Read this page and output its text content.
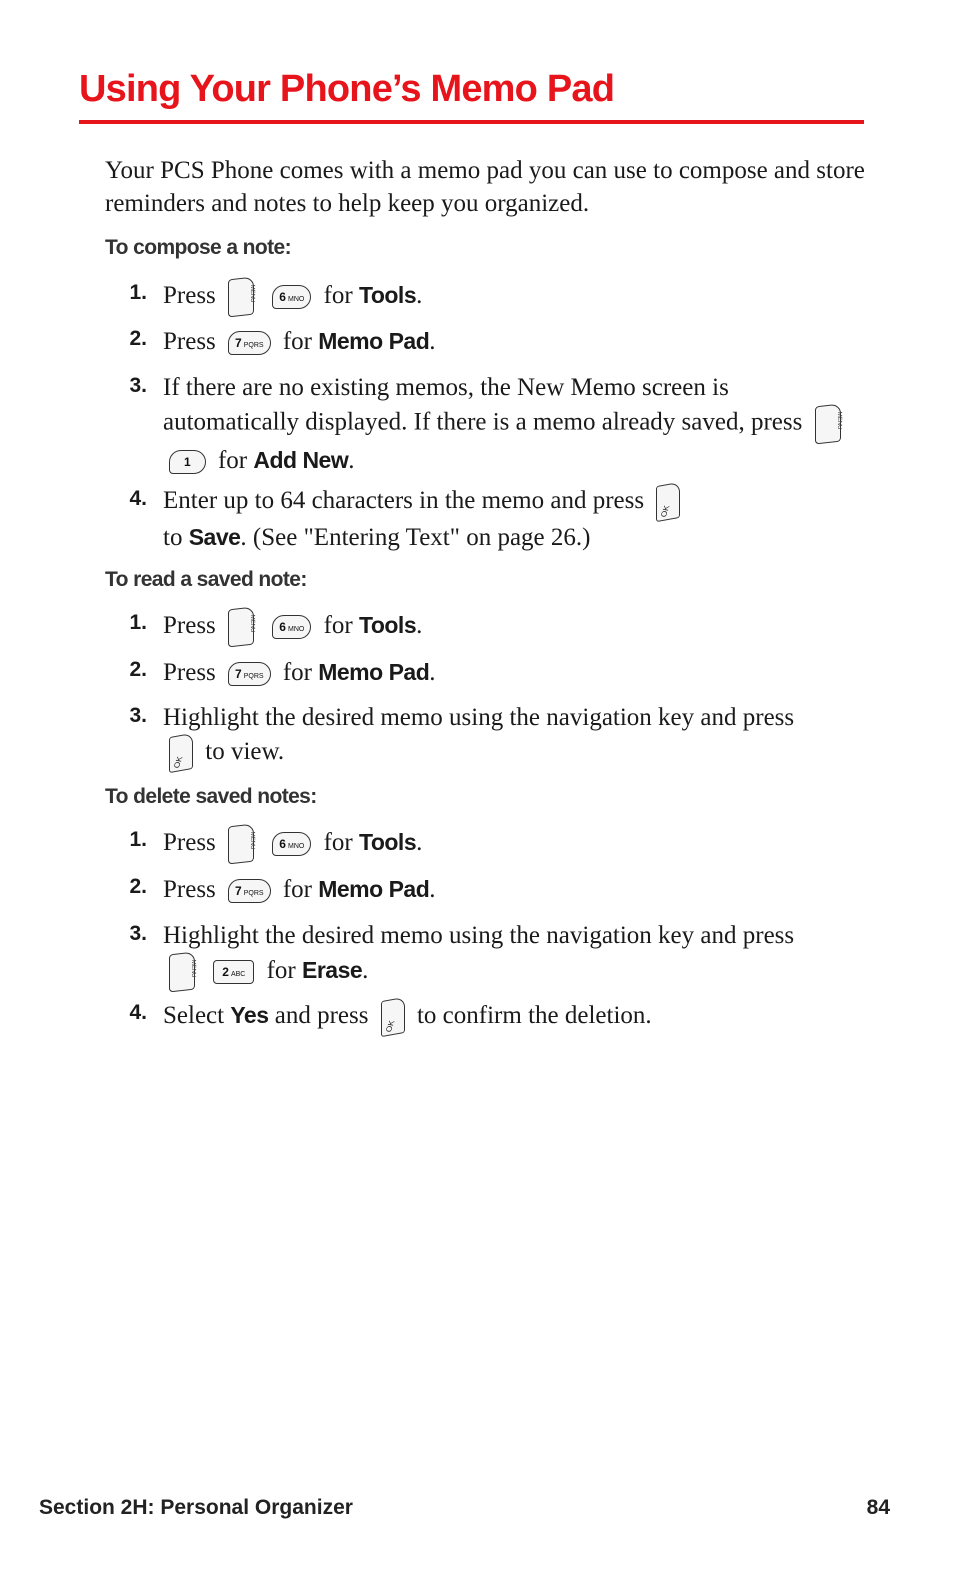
Using Your Phone’s Memo Pad
Your PCS Phone comes with a memo pad you can use to compose and store reminders and notes to help keep you organized.
To compose a note:
1. Press MENU	6 MNO for Tools.
2. Press 7 PQRS for Memo Pad.
3. If there are no existing memos, the New Memo screen is automatically displayed. If there is a memo already saved, press MENU 1 for Add New.
4. Enter up to 64 characters in the memo and press OK
to Save. (See "Entering Text" on page 26.)
To read a saved note:
1. Press MENU	6 MNO for Tools.
2. Press 7 PQRS for Memo Pad.
3. Highlight the desired memo using the navigation key and press
OK to view.
To delete saved notes:
1. Press MENU	6 MNO for Tools.
2. Press 7 PQRS for Memo Pad.
3. Highlight the desired memo using the navigation key and press
MENU 2 ABC for Erase.
4. Select Yes and press OK to confirm the deletion.
Section 2H: Personal Organizer	84
